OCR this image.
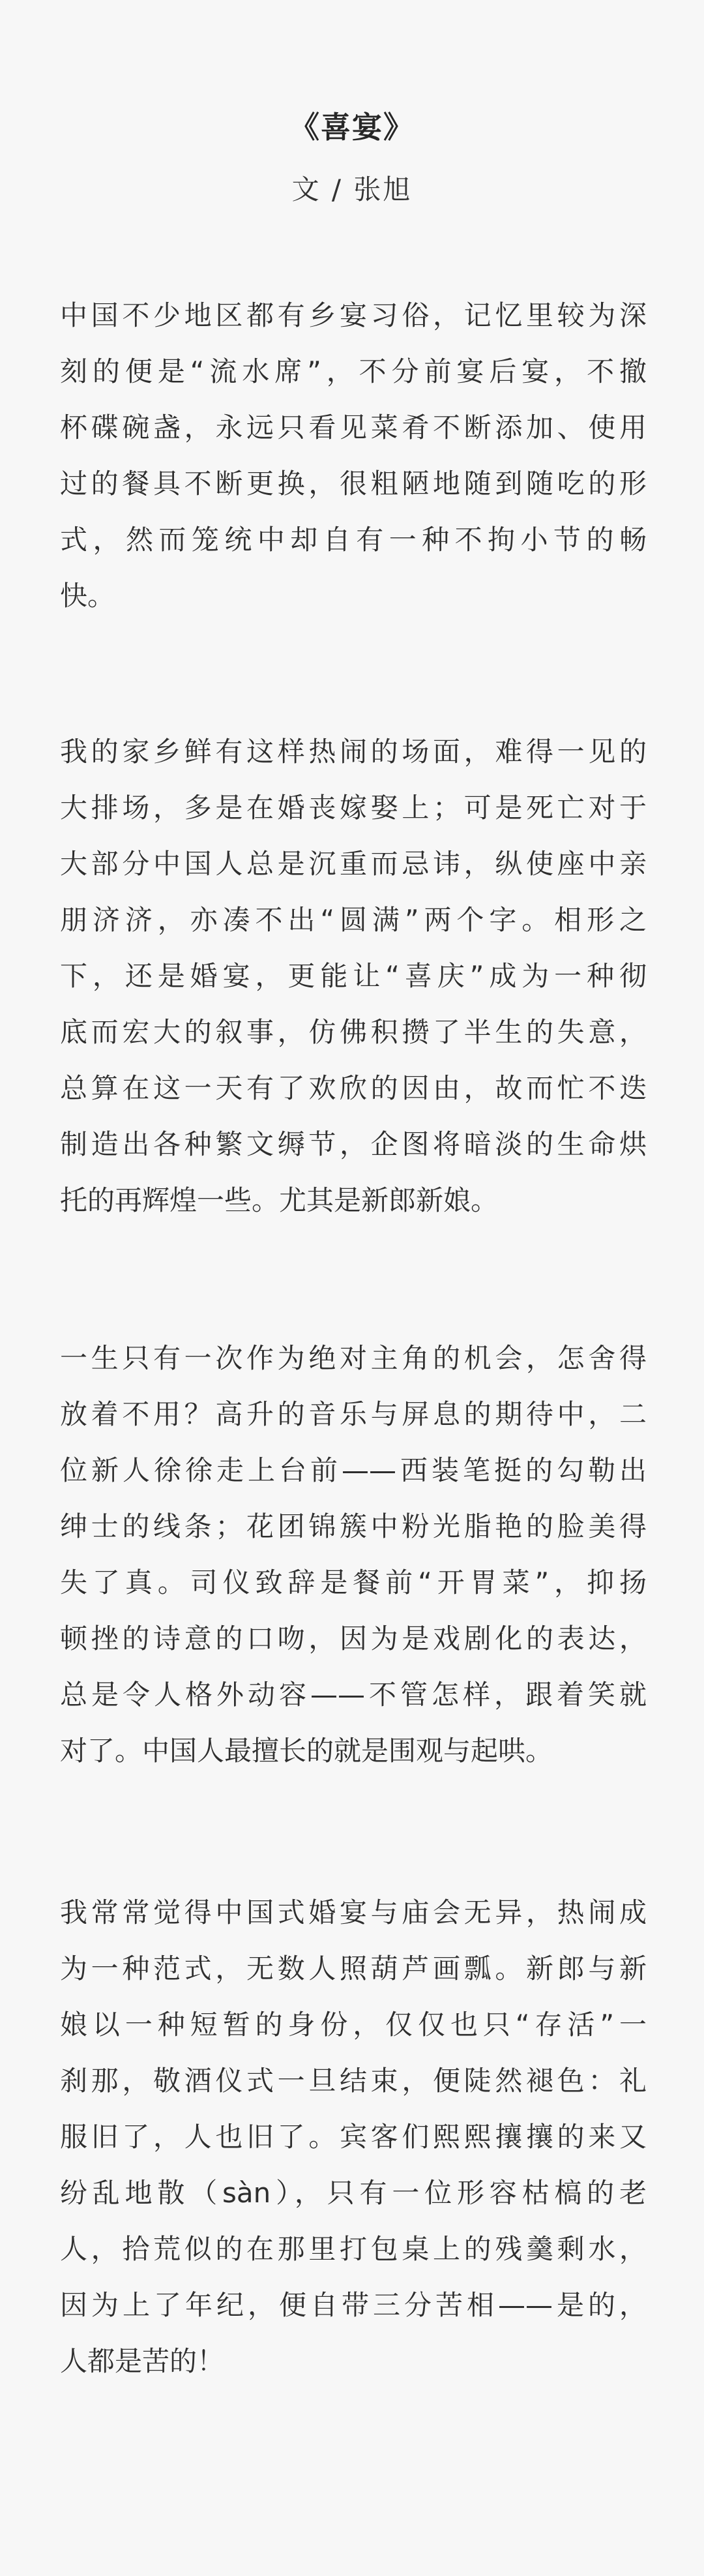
《喜宴》
文 / 张旭
中国不少地区都有乡宴习俗，记忆里较为深
刻的便是“流水席”，不分前宴后宴，不撤
杯碟碗盏，永远只看见菜肴不断添加、使用
过的餐具不断更换，很粗陋地随到随吃的形
式，然而笼统中却自有一种不拘小节的畅
快。
我的家乡鲜有这样热闹的场面，难得一见的
大排场，多是在婚丧嫁娶上；可是死亡对于
大部分中国人总是沉重而忌讳，纵使座中亲
朋济济，亦凑不出“圆满”两个字。相形之
下，还是婚宴，更能让“喜庆”成为一种彻
底而宏大的叙事，仿佛积攒了半生的失意，
总算在这一天有了欢欣的因由，故而忙不迭
制造出各种繁文缛节，企图将暗淡的生命烘
托的再辉煌一些。尤其是新郎新娘。
一生只有一次作为绝对主角的机会，怎舍得
放着不用？高升的音乐与屏息的期待中，二
位新人徐徐走上台前——西装笔挺的勾勒出
绅士的线条；花团锦簇中粉光脂艳的脸美得
失了真。司仪致辞是餐前“开胃菜”，抑扬
顿挫的诗意的口吻，因为是戏剧化的表达，
总是令人格外动容——不管怎样，跟着笑就
对了。中国人最擅长的就是围观与起哄。
我常常觉得中国式婚宴与庙会无异，热闹成
为一种范式，无数人照葫芦画瓢。新郎与新
娘以一种短暂的身份，仅仅也只“存活”一
刹那，敬酒仪式一旦结束，便陡然褪色：礼
服旧了，人也旧了。宾客们熙熙攘攘的来又
纷乱地散（sàn），只有一位形容枯槁的老
人，拾荒似的在那里打包桌上的残羹剩水，
因为上了年纪，便自带三分苦相——是的，
人都是苦的！
